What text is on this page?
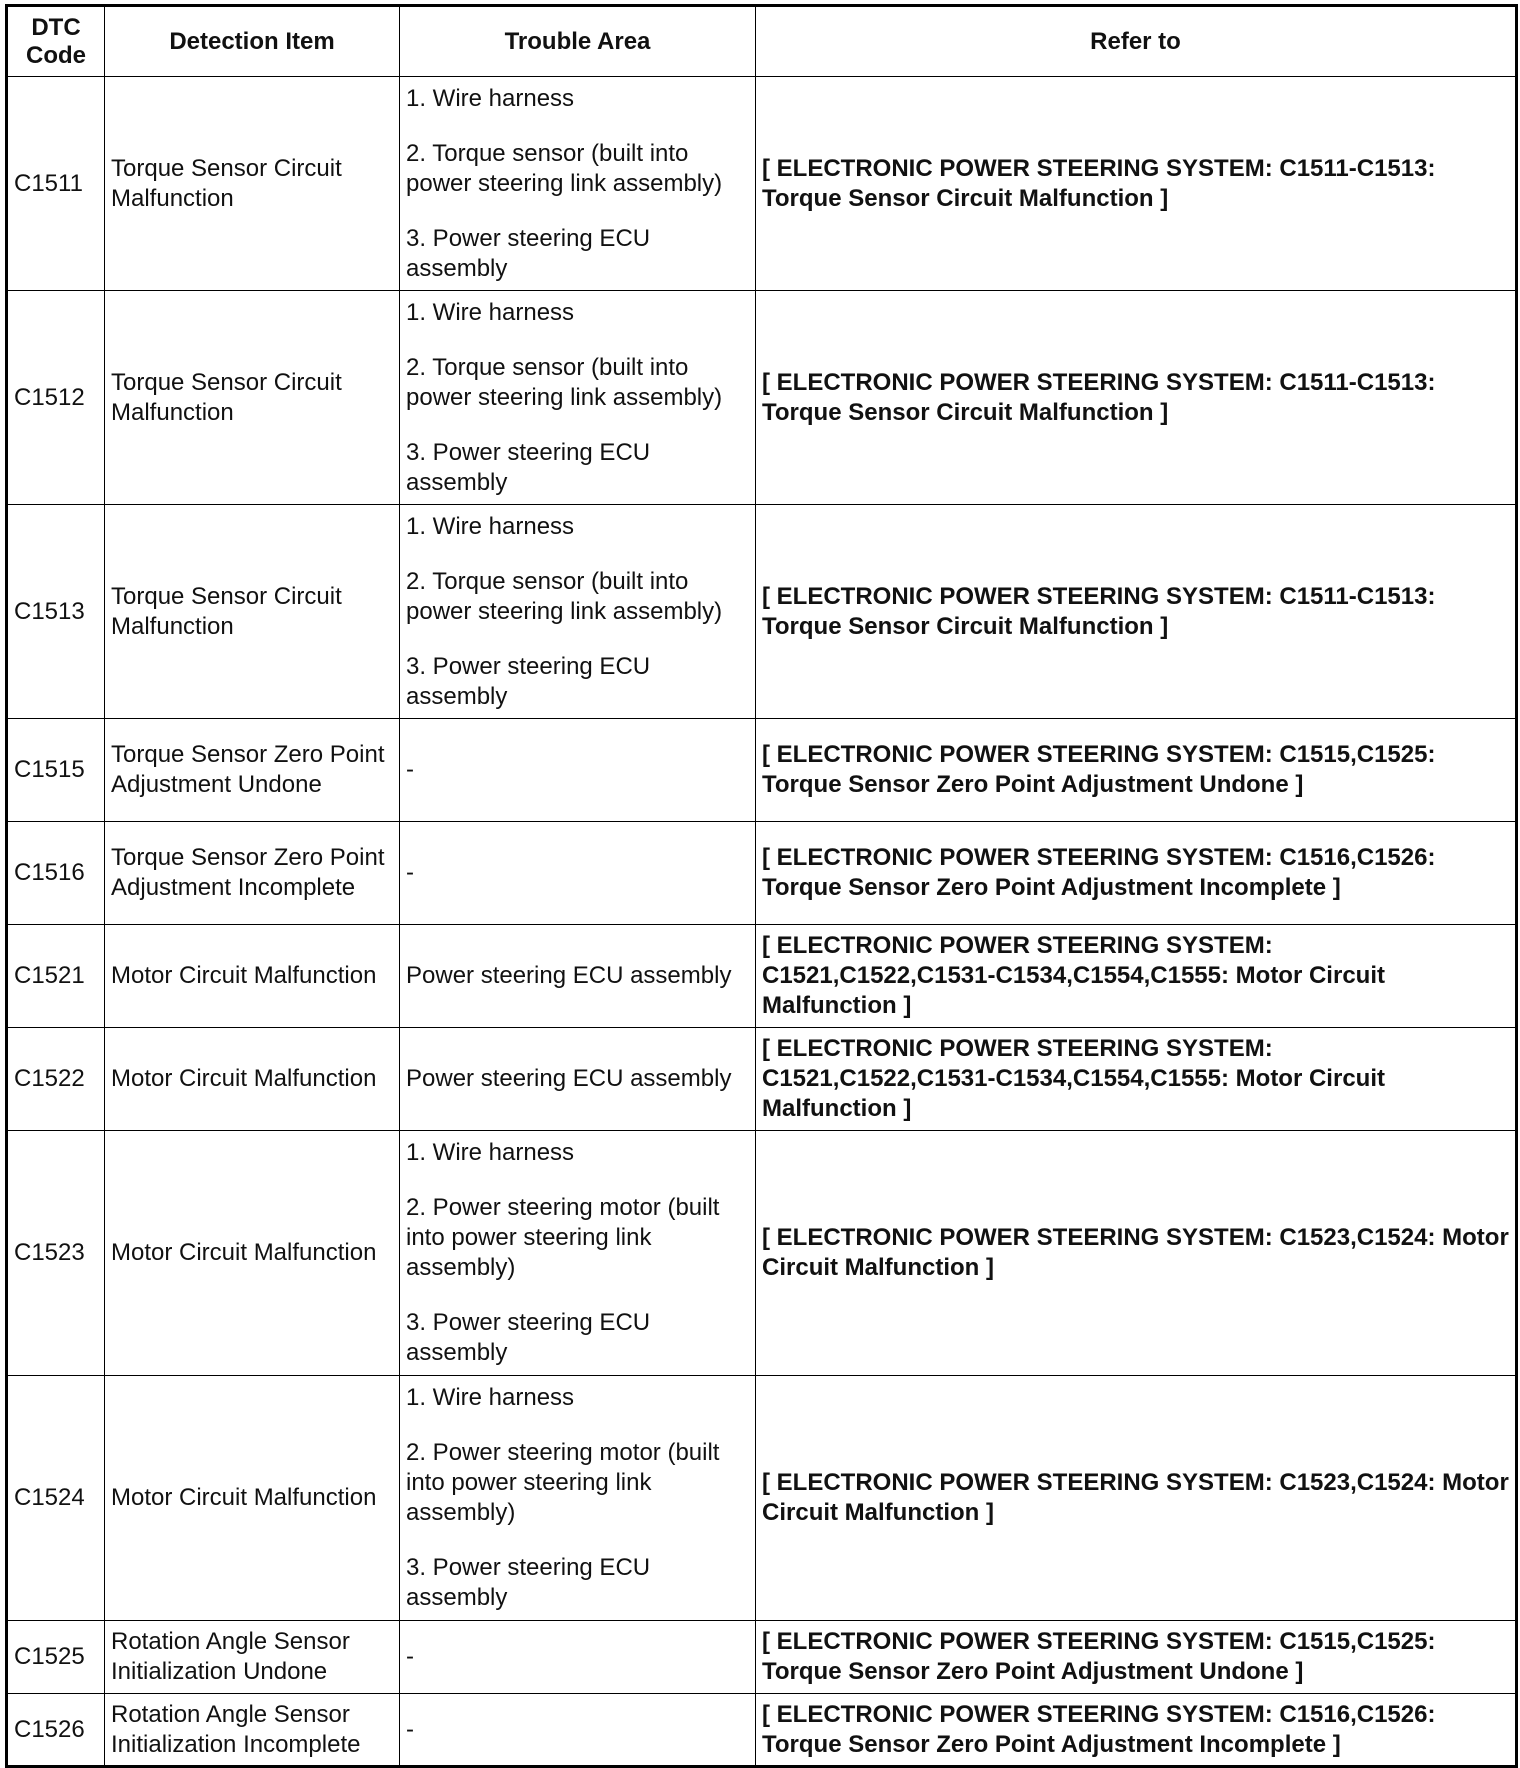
DTC
Code	Detection Item	Trouble Area	Refer to
C1511	Torque Sensor Circuit Malfunction	1. Wire harness
2. Torque sensor (built into power steering link assembly)
3. Power steering ECU assembly	[ ELECTRONIC POWER STEERING SYSTEM: C1511-C1513: Torque Sensor Circuit Malfunction ]
C1512	Torque Sensor Circuit Malfunction	1. Wire harness
2. Torque sensor (built into power steering link assembly)
3. Power steering ECU assembly	[ ELECTRONIC POWER STEERING SYSTEM: C1511-C1513: Torque Sensor Circuit Malfunction ]
C1513	Torque Sensor Circuit Malfunction	1. Wire harness
2. Torque sensor (built into power steering link assembly)
3. Power steering ECU assembly	[ ELECTRONIC POWER STEERING SYSTEM: C1511-C1513: Torque Sensor Circuit Malfunction ]
C1515	Torque Sensor Zero Point Adjustment Undone	-	[ ELECTRONIC POWER STEERING SYSTEM: C1515,C1525: Torque Sensor Zero Point Adjustment Undone ]
C1516	Torque Sensor Zero Point Adjustment Incomplete	-	[ ELECTRONIC POWER STEERING SYSTEM: C1516,C1526: Torque Sensor Zero Point Adjustment Incomplete ]
C1521	Motor Circuit Malfunction	Power steering ECU assembly	[ ELECTRONIC POWER STEERING SYSTEM: C1521,C1522,C1531-C1534,C1554,C1555: Motor Circuit Malfunction ]
C1522	Motor Circuit Malfunction	Power steering ECU assembly	[ ELECTRONIC POWER STEERING SYSTEM: C1521,C1522,C1531-C1534,C1554,C1555: Motor Circuit Malfunction ]
C1523	Motor Circuit Malfunction	1. Wire harness
2. Power steering motor (built into power steering link assembly)
3. Power steering ECU assembly	[ ELECTRONIC POWER STEERING SYSTEM: C1523,C1524: Motor Circuit Malfunction ]
C1524	Motor Circuit Malfunction	1. Wire harness
2. Power steering motor (built into power steering link assembly)
3. Power steering ECU assembly	[ ELECTRONIC POWER STEERING SYSTEM: C1523,C1524: Motor Circuit Malfunction ]
C1525	Rotation Angle Sensor Initialization Undone	-	[ ELECTRONIC POWER STEERING SYSTEM: C1515,C1525: Torque Sensor Zero Point Adjustment Undone ]
C1526	Rotation Angle Sensor Initialization Incomplete	-	[ ELECTRONIC POWER STEERING SYSTEM: C1516,C1526: Torque Sensor Zero Point Adjustment Incomplete ]
